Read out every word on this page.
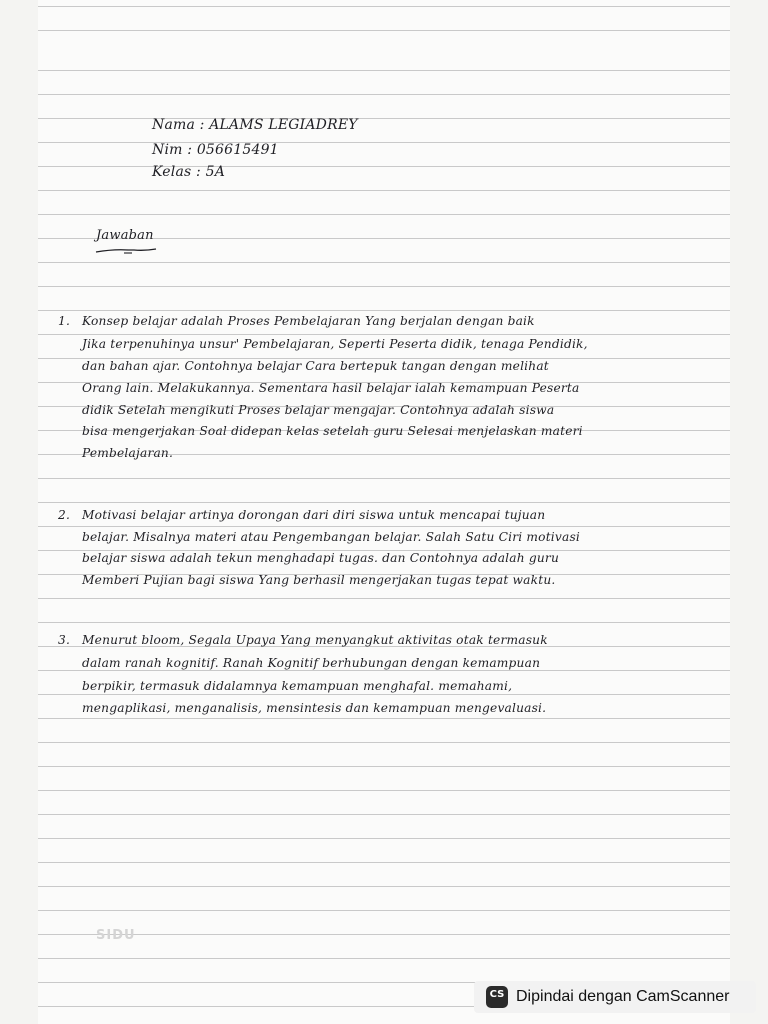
Nama : ALAMS LEGIADREY
Nim : 056615491
Kelas : 5A
Jawaban
1. Konsep belajar adalah Proses Pembelajaran Yang berjalan dengan baik
Jika terpenuhinya unsur' Pembelajaran, Seperti Peserta didik, tenaga Pendidik,
dan bahan ajar. Contohnya belajar Cara bertepuk tangan dengan melihat
Orang lain. Melakukannya. Sementara hasil belajar ialah kemampuan Peserta
didik Setelah mengikuti Proses belajar mengajar. Contohnya adalah siswa
bisa mengerjakan Soal didepan kelas setelah guru Selesai menjelaskan materi
Pembelajaran.
2. Motivasi belajar artinya dorongan dari diri siswa untuk mencapai tujuan
belajar. Misalnya materi atau Pengembangan belajar. Salah Satu Ciri motivasi
belajar siswa adalah tekun menghadapi tugas. dan Contohnya adalah guru
Memberi Pujian bagi siswa Yang berhasil mengerjakan tugas tepat waktu.
3. Menurut bloom, Segala Upaya Yang menyangkut aktivitas otak termasuk
dalam ranah kognitif. Ranah Kognitif berhubungan dengan kemampuan
berpikir, termasuk didalamnya kemampuan menghafal. memahami,
mengaplikasi, menganalisis, mensintesis dan kemampuan mengevaluasi.
SIDU
CS Dipindai dengan CamScanner
